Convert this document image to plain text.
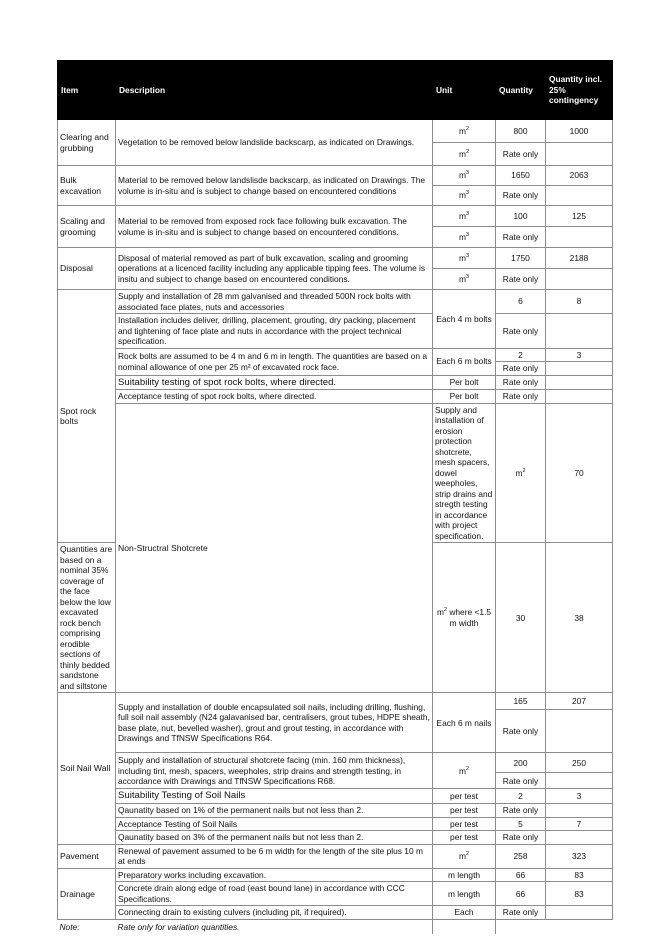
Item	Description	Unit	Quantity	Quantity incl. 25% contingency	
Clearing and grubbing	Vegetation to be removed below landslide backscarp, as indicated on Drawings.	$m^2$	800	1000	
		$m^2$	Rate only		
Bulk excavation	Material to be removed below landslisde backscarp, as indicated on Drawings. The volume is in-situ and is subject to change based on encountered conditions	$m^3$	1650	2063	
		$m^3$	Rate only		
Scaling and grooming	Material to be removed from exposed rock face following bulk excavation. The volume is in-situ and is subject to change based on encountered conditions.	$m^3$	100	125	
		$m^3$	Rate only		
Disposal	Disposal of material removed as part of bulk excavation, scaling and grooming operations at a licenced facility including any applicable tipping fees. The volume is insitu and subject to change based on encountered conditions.	$m^3$	1750	2188	
		$m^3$	Rate only		
Spot rock bolts	Supply and installation of 28 mm galvanised and threaded 500N rock bolts with associated face plates, nuts and accessories	Each 4 m bolts	6	8	
	Installation includes deliver, drilling, placement, grouting, dry packing, placement and tightening of face plate and nuts in accordance with the project technical specification.		Rate only		
	Rock bolts are assumed to be 4 m and 6 m in length. The quantities are based on a nominal allowance of one per 25 m² of excavated rock face.	Each 6 m bolts	2	3	
			Rate only		
	Suitability testing of spot rock bolts, where directed.	Per bolt	Rate only		
	Acceptance testing of spot rock bolts, where directed.	Per bolt	Rate only		
	Non-Structral Shotcrete	Supply and installation of erosion protection shotcrete, mesh spacers, dowel weepholes, strip drains and stregth testing in accordance with project specification.	$m^2$	70	
Quantities are based on a nominal 35% coverage of the face below the low excavated rock bench comprising erodible sections of thinly bedded sandstone and siltstone		$m^2$ where <1.5 m width	30	38	
Soil Nail Wall	Supply and installation of double encapsulated soil nails, including drilling, flushing, full soil nail assembly (N24 galavanised bar, centralisers, grout tubes, HDPE sheath, base plate, nut, bevelled washer), grout and grout testing, in accordance with Drawings and TfNSW Specifications R64.	Each 6 m nails	165	207	
			Rate only		
	Supply and installation of structural shotcrete facing (min. 160 mm thickness), including tint, mesh, spacers, weepholes, strip drains and strength testing, in accordance with Drawings and TfNSW Specifications R68.	$m^2$	200	250	
			Rate only		
	Suitability Testing of Soil Nails	per test	2	3	
	Qaunatity based on 1% of the permanent nails but not less than 2.	per test	Rate only		
	Acceptance Testing of Soil Nails	per test	5	7	
	Qaunatity based on 3% of the permanent nails but not less than 2.	per test	Rate only		
Pavement	Renewal of pavement assumed to be 6 m width for the length of the site plus 10 m at ends	$m^2$	258	323	
Drainage	Preparatory works including excavation.	m length	66	83	
	Concrete drain along edge of road (east bound lane) in accordance with CCC Specifications.	m length	66	83	
	Connecting drain to existing culvers (including pit, if required).	Each	Rate only		
Note:	Rate only for variation quantities.				
